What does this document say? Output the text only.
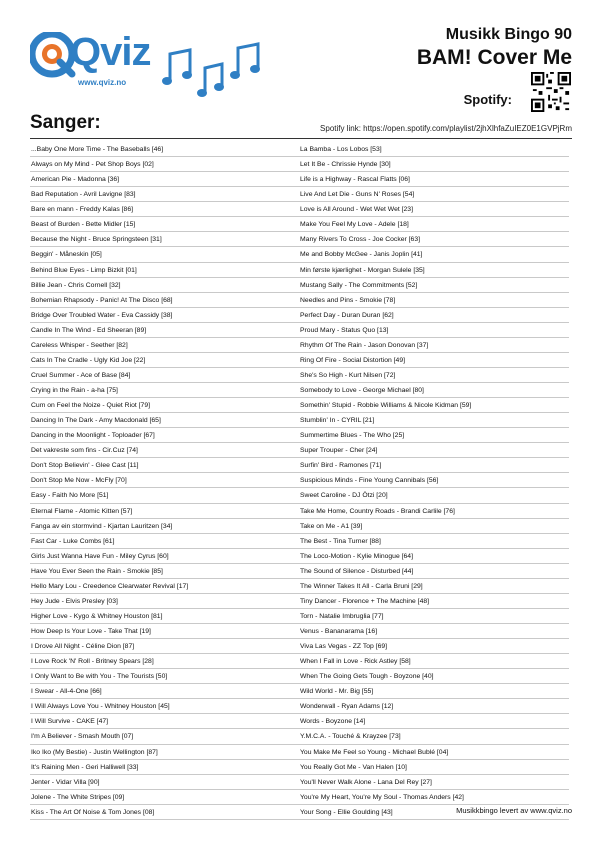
Qviz
www.qviz.no
Musikk Bingo 90
BAM! Cover Me
Spotify:
Sanger:	Spotify link: https://open.spotify.com/playlist/2jhXlhfaZuIEZ0E1GVPjRm
...Baby One More Time - The Baseballs [46]
Always on My Mind - Pet Shop Boys [02]
American Pie - Madonna [36]
Bad Reputation - Avril Lavigne [83]
Bare en mann - Freddy Kalas [86]
Beast of Burden - Bette Midler [15]
Because the Night - Bruce Springsteen [31]
Beggin' - Måneskin [05]
Behind Blue Eyes - Limp Bizkit [01]
Billie Jean - Chris Cornell [32]
Bohemian Rhapsody - Panic! At The Disco [68]
Bridge Over Troubled Water - Eva Cassidy [38]
Candle In The Wind - Ed Sheeran [89]
Careless Whisper - Seether [82]
Cats In The Cradle - Ugly Kid Joe [22]
Cruel Summer - Ace of Base [84]
Crying in the Rain - a-ha [75]
Cum on Feel the Noize - Quiet Riot [79]
Dancing In The Dark - Amy Macdonald [65]
Dancing in the Moonlight - Toploader [67]
Det vakreste som fins - Cir.Cuz [74]
Don't Stop Believin' - Glee Cast [11]
Don't Stop Me Now - McFly [70]
Easy - Faith No More [51]
Eternal Flame - Atomic Kitten [57]
Fanga av ein stormvind - Kjartan Lauritzen [34]
Fast Car - Luke Combs [61]
Girls Just Wanna Have Fun - Miley Cyrus [60]
Have You Ever Seen the Rain - Smokie [85]
Hello Mary Lou - Creedence Clearwater Revival [17]
Hey Jude - Elvis Presley [03]
Higher Love - Kygo & Whitney Houston [81]
How Deep Is Your Love - Take That [19]
I Drove All Night - Céline Dion [87]
I Love Rock 'N' Roll - Britney Spears [28]
I Only Want to Be with You - The Tourists [50]
I Swear - All-4-One [66]
I Will Always Love You - Whitney Houston [45]
I Will Survive - CAKE [47]
I'm A Believer - Smash Mouth [07]
Iko Iko (My Bestie) - Justin Wellington [87]
It's Raining Men - Geri Halliwell [33]
Jenter - Vidar Villa [90]
Jolene - The White Stripes [09]
Kiss - The Art Of Noise & Tom Jones [08]
La Bamba - Los Lobos [53]
Let It Be - Chrissie Hynde [30]
Life is a Highway - Rascal Flatts [06]
Live And Let Die - Guns N' Roses [54]
Love is All Around - Wet Wet Wet [23]
Make You Feel My Love - Adele [18]
Many Rivers To Cross - Joe Cocker [63]
Me and Bobby McGee - Janis Joplin [41]
Min første kjærlighet - Morgan Sulele [35]
Mustang Sally - The Commitments [52]
Needles and Pins - Smokie [78]
Perfect Day - Duran Duran [62]
Proud Mary - Status Quo [13]
Rhythm Of The Rain - Jason Donovan [37]
Ring Of Fire - Social Distortion [49]
She's So High - Kurt Nilsen [72]
Somebody to Love - George Michael [80]
Somethin' Stupid - Robbie Williams & Nicole Kidman [59]
Stumblin' In - CYRIL [21]
Summertime Blues - The Who [25]
Super Trouper - Cher [24]
Surfin' Bird - Ramones [71]
Suspicious Minds - Fine Young Cannibals [56]
Sweet Caroline - DJ Ötzi [20]
Take Me Home, Country Roads - Brandi Carlile [76]
Take on Me - A1 [39]
The Best - Tina Turner [88]
The Loco-Motion - Kylie Minogue [64]
The Sound of Silence - Disturbed [44]
The Winner Takes It All - Carla Bruni [29]
Tiny Dancer - Florence + The Machine [48]
Torn - Natalie Imbruglia [77]
Venus - Bananarama [16]
Viva Las Vegas - ZZ Top [69]
When I Fall in Love - Rick Astley [58]
When The Going Gets Tough - Boyzone [40]
Wild World - Mr. Big [55]
Wonderwall - Ryan Adams [12]
Words - Boyzone [14]
Y.M.C.A. - Touché & Krayzee [73]
You Make Me Feel so Young - Michael Bublé [04]
You Really Got Me - Van Halen [10]
You'll Never Walk Alone - Lana Del Rey [27]
You're My Heart, You're My Soul - Thomas Anders [42]
Your Song - Ellie Goulding [43]	Musikkbingo levert av www.qviz.no
